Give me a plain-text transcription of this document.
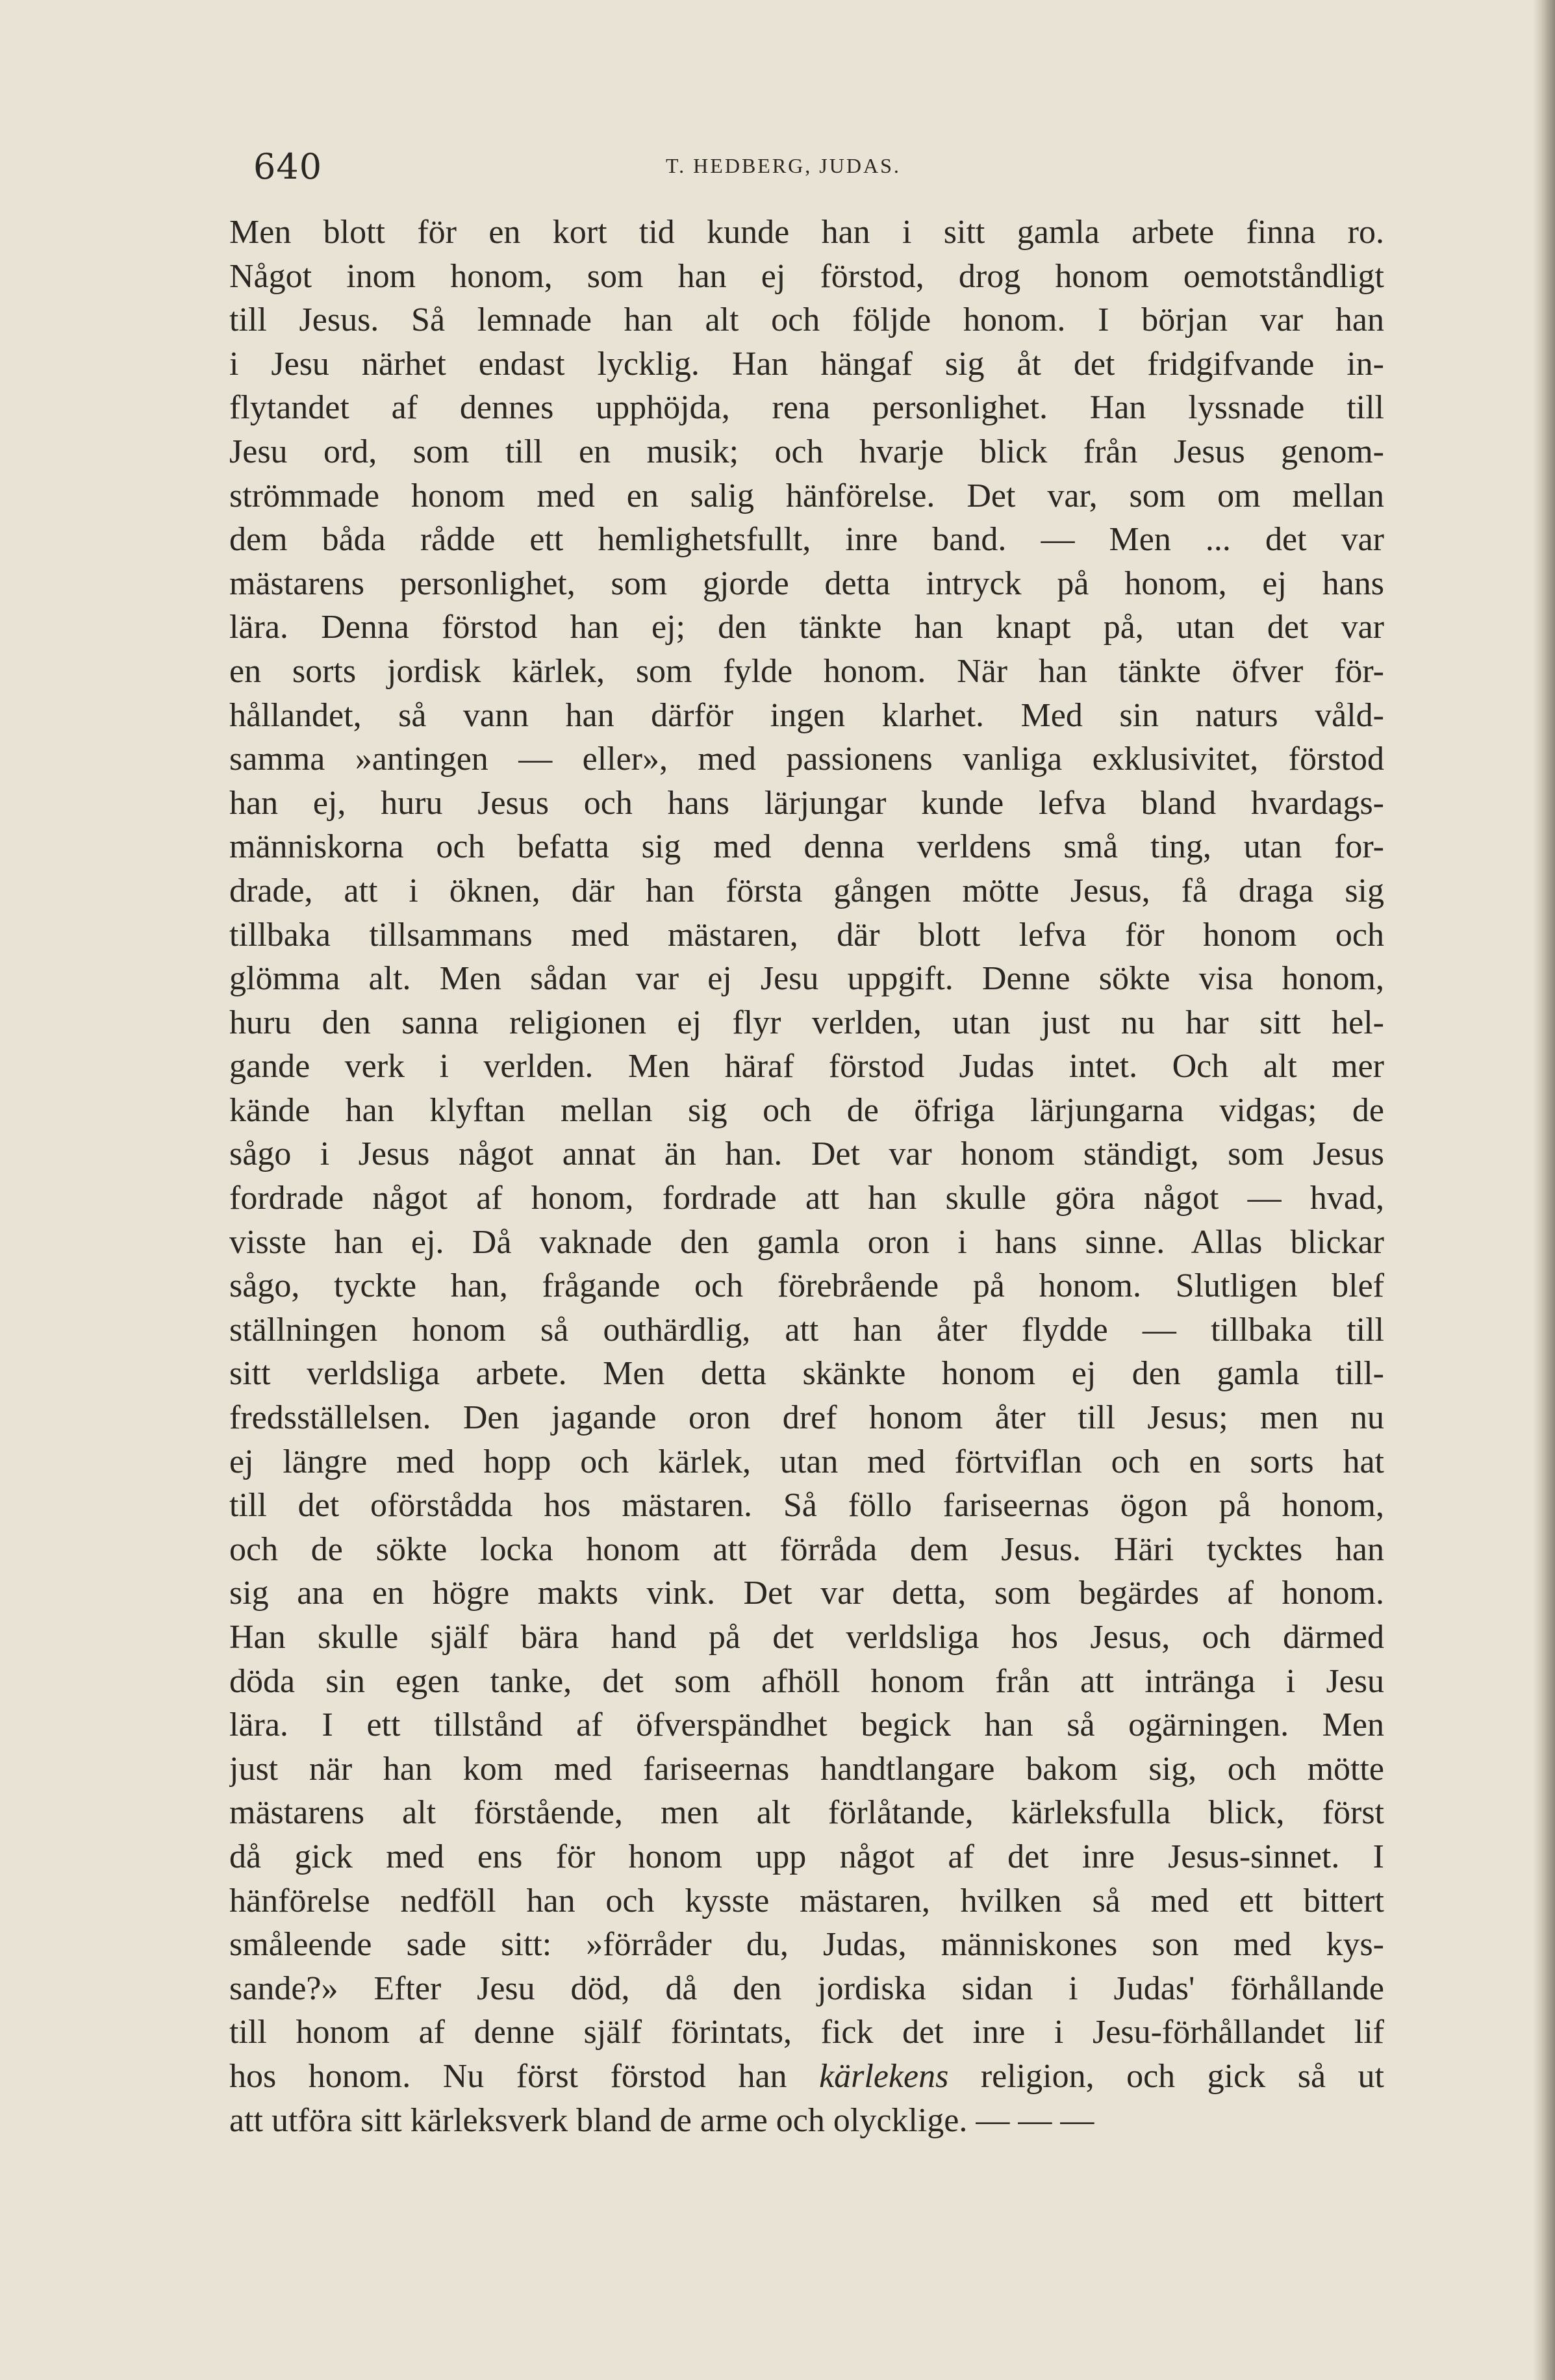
640	T. HEDBERG, JUDAS.
Men blott för en kort tid kunde han i sitt gamla arbete finna ro.
Något inom honom, som han ej förstod, drog honom oemotståndligt
till Jesus. Så lemnade han alt och följde honom. I början var han
i Jesu närhet endast lycklig. Han hängaf sig åt det fridgifvande in-
flytandet af dennes upphöjda, rena personlighet. Han lyssnade till
Jesu ord, som till en musik; och hvarje blick från Jesus genom-
strömmade honom med en salig hänförelse. Det var, som om mellan
dem båda rådde ett hemlighetsfullt, inre band. — Men ... det var
mästarens personlighet, som gjorde detta intryck på honom, ej hans
lära. Denna förstod han ej; den tänkte han knapt på, utan det var
en sorts jordisk kärlek, som fylde honom. När han tänkte öfver för-
hållandet, så vann han därför ingen klarhet. Med sin naturs våld-
samma »antingen — eller», med passionens vanliga exklusivitet, förstod
han ej, huru Jesus och hans lärjungar kunde lefva bland hvardags-
människorna och befatta sig med denna verldens små ting, utan for-
drade, att i öknen, där han första gången mötte Jesus, få draga sig
tillbaka tillsammans med mästaren, där blott lefva för honom och
glömma alt. Men sådan var ej Jesu uppgift. Denne sökte visa honom,
huru den sanna religionen ej flyr verlden, utan just nu har sitt hel-
gande verk i verlden. Men häraf förstod Judas intet. Och alt mer
kände han klyftan mellan sig och de öfriga lärjungarna vidgas; de
sågo i Jesus något annat än han. Det var honom ständigt, som Jesus
fordrade något af honom, fordrade att han skulle göra något — hvad,
visste han ej. Då vaknade den gamla oron i hans sinne. Allas blickar
sågo, tyckte han, frågande och förebrående på honom. Slutligen blef
ställningen honom så outhärdlig, att han åter flydde — tillbaka till
sitt verldsliga arbete. Men detta skänkte honom ej den gamla till-
fredsställelsen. Den jagande oron dref honom åter till Jesus; men nu
ej längre med hopp och kärlek, utan med förtviflan och en sorts hat
till det oförstådda hos mästaren. Så föllo fariseernas ögon på honom,
och de sökte locka honom att förråda dem Jesus. Häri tycktes han
sig ana en högre makts vink. Det var detta, som begärdes af honom.
Han skulle själf bära hand på det verldsliga hos Jesus, och därmed
döda sin egen tanke, det som afhöll honom från att intränga i Jesu
lära. I ett tillstånd af öfverspändhet begick han så ogärningen. Men
just när han kom med fariseernas handtlangare bakom sig, och mötte
mästarens alt förstående, men alt förlåtande, kärleksfulla blick, först
då gick med ens för honom upp något af det inre Jesus-sinnet. I
hänförelse nedföll han och kysste mästaren, hvilken så med ett bittert
småleende sade sitt: »förråder du, Judas, människones son med kys-
sande?» Efter Jesu död, då den jordiska sidan i Judas' förhållande
till honom af denne själf förintats, fick det inre i Jesu-förhållandet lif
hos honom. Nu först förstod han kärlekens religion, och gick så ut
att utföra sitt kärleksverk bland de arme och olycklige. — — —
